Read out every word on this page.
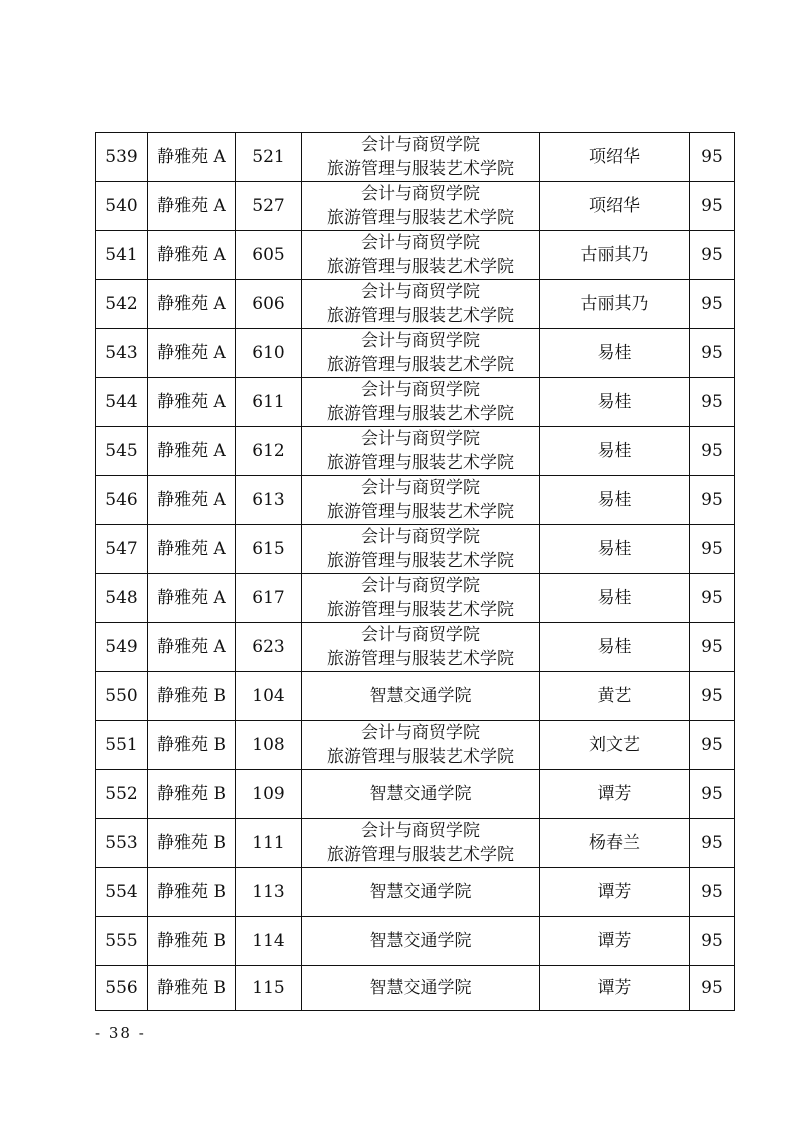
539	静雅苑 A	521	会计与商贸学院
旅游管理与服装艺术学院	项绍华	95
540	静雅苑 A	527	会计与商贸学院
旅游管理与服装艺术学院	项绍华	95
541	静雅苑 A	605	会计与商贸学院
旅游管理与服装艺术学院	古丽其乃	95
542	静雅苑 A	606	会计与商贸学院
旅游管理与服装艺术学院	古丽其乃	95
543	静雅苑 A	610	会计与商贸学院
旅游管理与服装艺术学院	易桂	95
544	静雅苑 A	611	会计与商贸学院
旅游管理与服装艺术学院	易桂	95
545	静雅苑 A	612	会计与商贸学院
旅游管理与服装艺术学院	易桂	95
546	静雅苑 A	613	会计与商贸学院
旅游管理与服装艺术学院	易桂	95
547	静雅苑 A	615	会计与商贸学院
旅游管理与服装艺术学院	易桂	95
548	静雅苑 A	617	会计与商贸学院
旅游管理与服装艺术学院	易桂	95
549	静雅苑 A	623	会计与商贸学院
旅游管理与服装艺术学院	易桂	95
550	静雅苑 B	104	智慧交通学院	黄艺	95
551	静雅苑 B	108	会计与商贸学院
旅游管理与服装艺术学院	刘文艺	95
552	静雅苑 B	109	智慧交通学院	谭芳	95
553	静雅苑 B	111	会计与商贸学院
旅游管理与服装艺术学院	杨春兰	95
554	静雅苑 B	113	智慧交通学院	谭芳	95
555	静雅苑 B	114	智慧交通学院	谭芳	95
556	静雅苑 B	115	智慧交通学院	谭芳	95
- 38 -
